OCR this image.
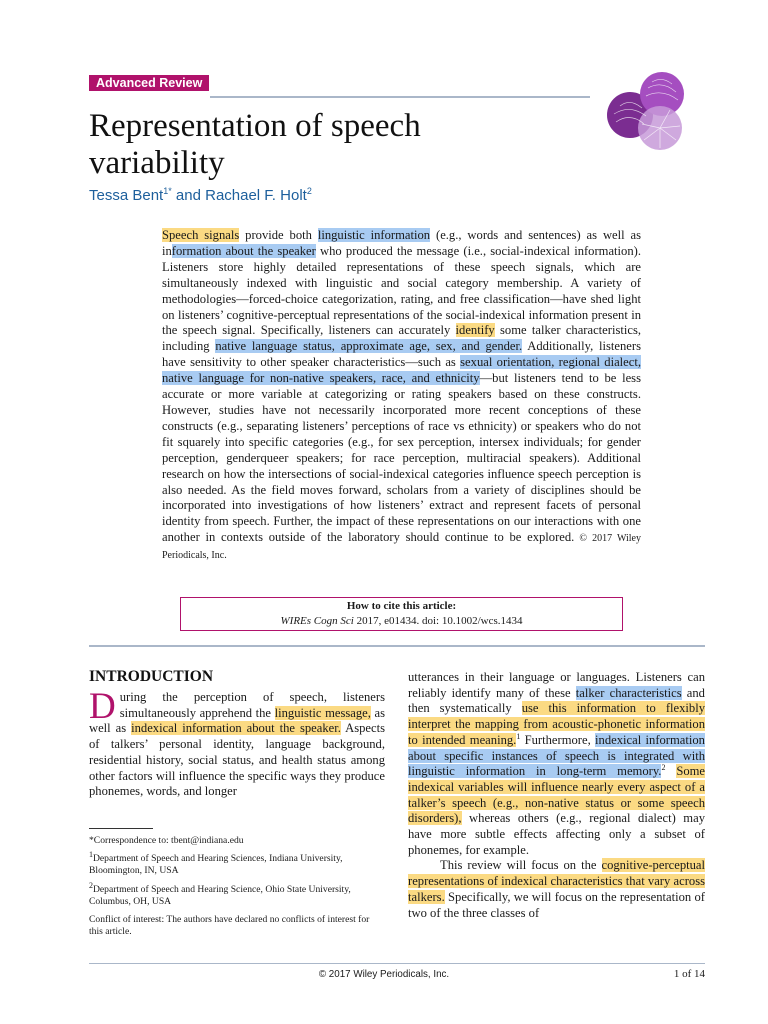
Advanced Review
Representation of speech variability
Tessa Bent$^{1*}$ and Rachael F. Holt$^2$

Speech signals provide both linguistic information (e.g., words and sentences) as well as information about the speaker who produced the message (i.e., social-indexical information). Listeners store highly detailed representations of these speech signals, which are simultaneously indexed with linguistic and social category membership. A variety of methodologies—forced-choice categorization, rating, and free classification—have shed light on listeners’ cognitive-perceptual representations of the social-indexical information present in the speech signal. Specifically, listeners can accurately identify some talker characteristics, including native language status, approximate age, sex, and gender. Additionally, listeners have sensitivity to other speaker characteristics—such as sexual orientation, regional dialect, native language for non-native speakers, race, and ethnicity—but listeners tend to be less accurate or more variable at categorizing or rating speakers based on these constructs. However, studies have not necessarily incorporated more recent conceptions of these constructs (e.g., separating listeners’ perceptions of race vs ethnicity) or speakers who do not fit squarely into specific categories (e.g., for sex perception, intersex individuals; for gender perception, genderqueer speakers; for race perception, multiracial speakers). Additional research on how the intersections of social-indexical categories influence speech perception is also needed. As the field moves forward, scholars from a variety of disciplines should be incorporated into investigations of how listeners’ extract and represent facets of personal identity from speech. Further, the impact of these representations on our interactions with one another in contexts outside of the laboratory should continue to be explored. © 2017 Wiley Periodicals, Inc.

How to cite this article:
WIREs Cogn Sci 2017, e01434. doi: 10.1002/wcs.1434
INTRODUCTION

During the perception of speech, listeners simultaneously apprehend the linguistic message, as well as indexical information about the speaker. Aspects of talkers’ personal identity, language background, residential history, social status, and health status among other factors will influence the specific ways they produce phonemes, words, and longer

utterances in their language or languages. Listeners can reliably identify many of these talker characteristics and then systematically use this information to flexibly interpret the mapping from acoustic-phonetic information to intended meaning.$^1$ Furthermore, indexical information about specific instances of speech is integrated with linguistic information in long-term memory.$^2$ Some indexical variables will influence nearly every aspect of a talker’s speech (e.g., non-native status or some speech disorders), whereas others (e.g., regional dialect) may have more subtle effects affecting only a subset of phonemes, for example.

This review will focus on the cognitive-perceptual representations of indexical characteristics that vary across talkers. Specifically, we will focus on the representation of two of the three classes of

*Correspondence to: tbent@indiana.edu

$^1$Department of Speech and Hearing Sciences, Indiana University, Bloomington, IN, USA

$^2$Department of Speech and Hearing Science, Ohio State University, Columbus, OH, USA

Conflict of interest: The authors have declared no conflicts of interest for this article.

© 2017 Wiley Periodicals, Inc.	1 of 14
